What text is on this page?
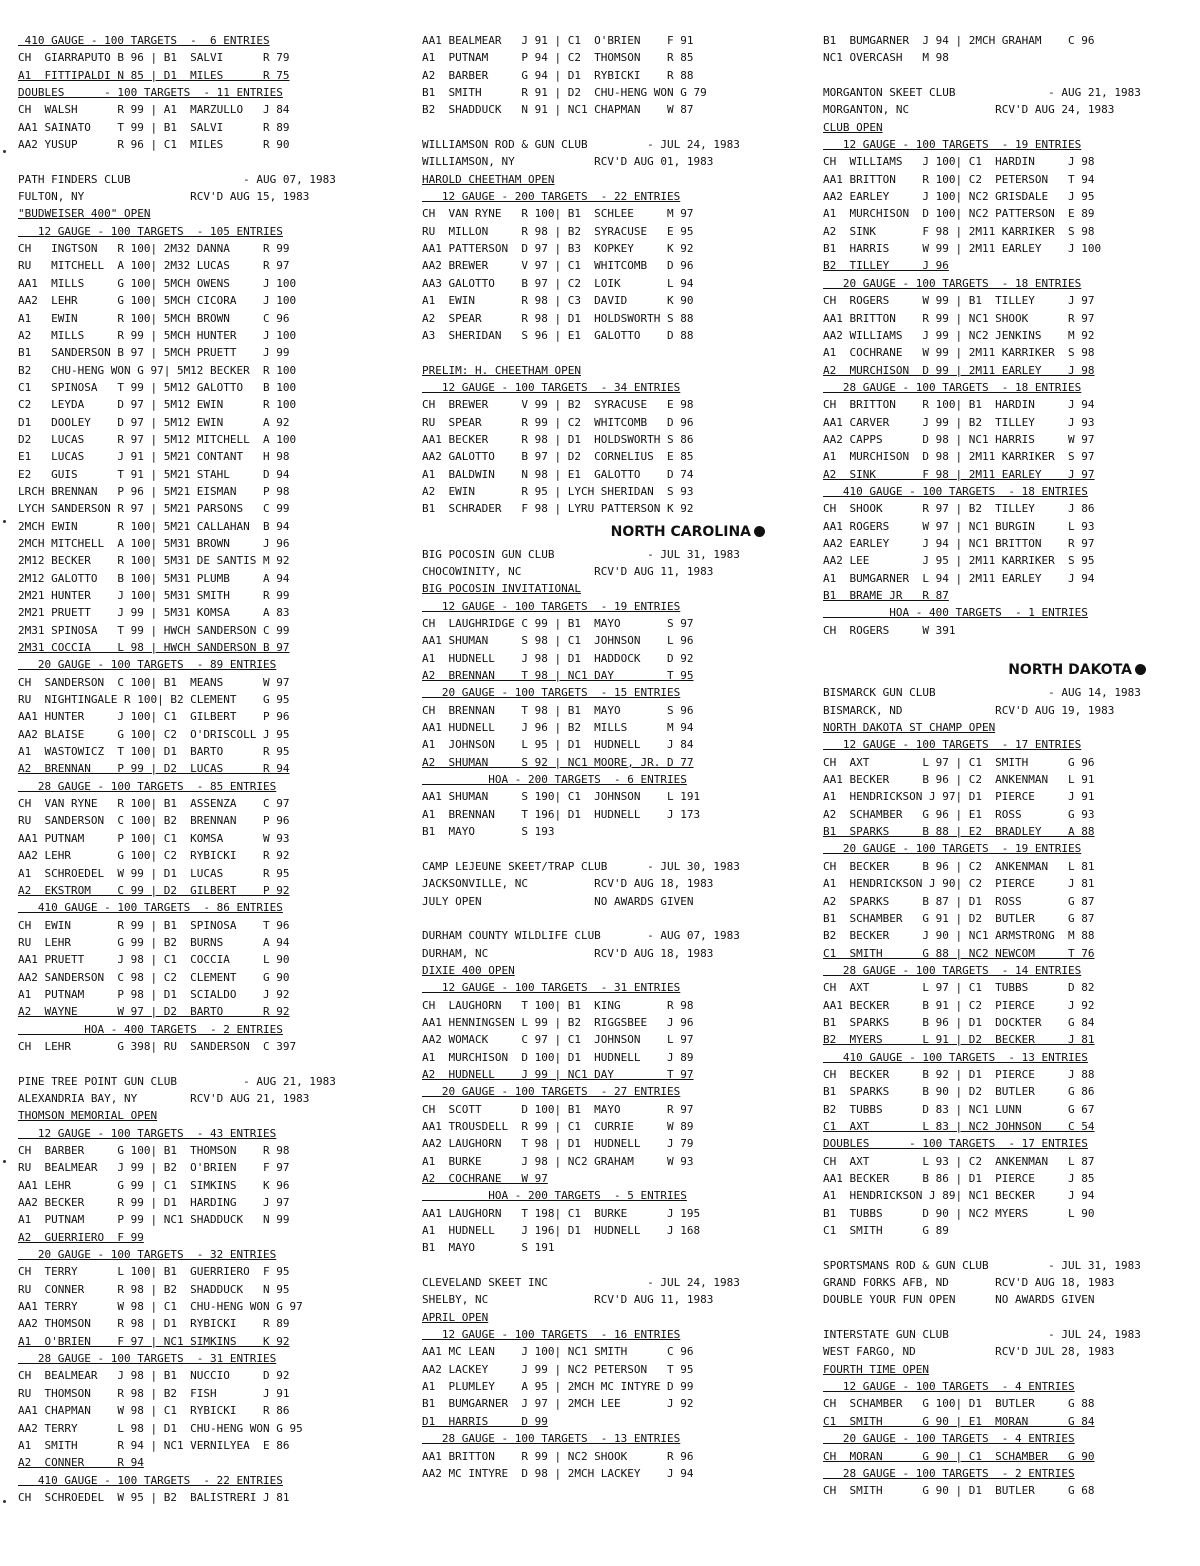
410 GAUGE - 100 TARGETS  -  6 ENTRIES
CH  GIARRAPUTO B 96 | B1  SALVI      R 79
A1  FITTIPALDI N 85 | D1  MILES      R 75
DOUBLES      - 100 TARGETS  - 11 ENTRIES
CH  WALSH      R 99 | A1  MARZULLO   J 84
AA1 SAINATO    T 99 | B1  SALVI      R 89
AA2 YUSUP      R 96 | C1  MILES      R 90
PATH FINDERS CLUB                 - AUG 07, 1983
FULTON, NY                RCV'D AUG 15, 1983
"BUDWEISER 400" OPEN
12 GAUGE - 100 TARGETS  - 105 ENTRIES
CH   INGTSON   R 100| 2M32 DANNA     R 99
RU   MITCHELL  A 100| 2M32 LUCAS     R 97
AA1  MILLS     G 100| 5MCH OWENS     J 100
AA2  LEHR      G 100| 5MCH CICORA    J 100
A1   EWIN      R 100| 5MCH BROWN     C 96
A2   MILLS     R 99 | 5MCH HUNTER    J 100
B1   SANDERSON B 97 | 5MCH PRUETT    J 99
B2   CHU-HENG WON G 97| 5M12 BECKER  R 100
C1   SPINOSA   T 99 | 5M12 GALOTTO   B 100
C2   LEYDA     D 97 | 5M12 EWIN      R 100
D1   DOOLEY    D 97 | 5M12 EWIN      A 92
D2   LUCAS     R 97 | 5M12 MITCHELL  A 100
E1   LUCAS     J 91 | 5M21 CONTANT   H 98
E2   GUIS      T 91 | 5M21 STAHL     D 94
LRCH BRENNAN   P 96 | 5M21 EISMAN    P 98
LYCH SANDERSON R 97 | 5M21 PARSONS   C 99
2MCH EWIN      R 100| 5M21 CALLAHAN  B 94
2MCH MITCHELL  A 100| 5M31 BROWN     J 96
2M12 BECKER    R 100| 5M31 DE SANTIS M 92
2M12 GALOTTO   B 100| 5M31 PLUMB     A 94
2M21 HUNTER    J 100| 5M31 SMITH     R 99
2M21 PRUETT    J 99 | 5M31 KOMSA     A 83
2M31 SPINOSA   T 99 | HWCH SANDERSON C 99
2M31 COCCIA    L 98 | HWCH SANDERSON B 97
20 GAUGE - 100 TARGETS  - 89 ENTRIES
CH  SANDERSON  C 100| B1  MEANS      W 97
RU  NIGHTINGALE R 100| B2 CLEMENT    G 95
AA1 HUNTER     J 100| C1  GILBERT    P 96
AA2 BLAISE     G 100| C2  O'DRISCOLL J 95
A1  WASTOWICZ  T 100| D1  BARTO      R 95
A2  BRENNAN    P 99 | D2  LUCAS      R 94
28 GAUGE - 100 TARGETS  - 85 ENTRIES
CH  VAN RYNE   R 100| B1  ASSENZA    C 97
RU  SANDERSON  C 100| B2  BRENNAN    P 96
AA1 PUTNAM     P 100| C1  KOMSA      W 93
AA2 LEHR       G 100| C2  RYBICKI    R 92
A1  SCHROEDEL  W 99 | D1  LUCAS      R 95
A2  EKSTROM    C 99 | D2  GILBERT    P 92
410 GAUGE - 100 TARGETS  - 86 ENTRIES
CH  EWIN       R 99 | B1  SPINOSA    T 96
RU  LEHR       G 99 | B2  BURNS      A 94
AA1 PRUETT     J 98 | C1  COCCIA     L 90
AA2 SANDERSON  C 98 | C2  CLEMENT    G 90
A1  PUTNAM     P 98 | D1  SCIALDO    J 92
A2  WAYNE      W 97 | D2  BARTO      R 92
HOA - 400 TARGETS  - 2 ENTRIES
CH  LEHR       G 398| RU  SANDERSON  C 397
PINE TREE POINT GUN CLUB          - AUG 21, 1983
ALEXANDRIA BAY, NY        RCV'D AUG 21, 1983
THOMSON MEMORIAL OPEN
12 GAUGE - 100 TARGETS  - 43 ENTRIES
CH  BARBER     G 100| B1  THOMSON    R 98
RU  BEALMEAR   J 99 | B2  O'BRIEN    F 97
AA1 LEHR       G 99 | C1  SIMKINS    K 96
AA2 BECKER     R 99 | D1  HARDING    J 97
A1  PUTNAM     P 99 | NC1 SHADDUCK   N 99
A2  GUERRIERO  F 99
20 GAUGE - 100 TARGETS  - 32 ENTRIES
CH  TERRY      L 100| B1  GUERRIERO  F 95
RU  CONNER     R 98 | B2  SHADDUCK   N 95
AA1 TERRY      W 98 | C1  CHU-HENG WON G 97
AA2 THOMSON    R 98 | D1  RYBICKI    R 89
A1  O'BRIEN    F 97 | NC1 SIMKINS    K 92
28 GAUGE - 100 TARGETS  - 31 ENTRIES
CH  BEALMEAR   J 98 | B1  NUCCIO     D 92
RU  THOMSON    R 98 | B2  FISH       J 91
AA1 CHAPMAN    W 98 | C1  RYBICKI    R 86
AA2 TERRY      L 98 | D1  CHU-HENG WON G 95
A1  SMITH      R 94 | NC1 VERNILYEA  E 86
A2  CONNER     R 94
410 GAUGE - 100 TARGETS  - 22 ENTRIES
CH  SCHROEDEL  W 95 | B2  BALISTRERI J 81
AA1 BEALMEAR   J 91 | C1  O'BRIEN    F 91
A1  PUTNAM     P 94 | C2  THOMSON    R 85
A2  BARBER     G 94 | D1  RYBICKI    R 88
B1  SMITH      R 91 | D2  CHU-HENG WON G 79
B2  SHADDUCK   N 91 | NC1 CHAPMAN    W 87
WILLIAMSON ROD & GUN CLUB         - JUL 24, 1983
WILLIAMSON, NY            RCV'D AUG 01, 1983
HAROLD CHEETHAM OPEN
12 GAUGE - 200 TARGETS  - 22 ENTRIES
CH  VAN RYNE   R 100| B1  SCHLEE     M 97
RU  MILLON     R 98 | B2  SYRACUSE   E 95
AA1 PATTERSON  D 97 | B3  KOPKEY     K 92
AA2 BREWER     V 97 | C1  WHITCOMB   D 96
AA3 GALOTTO    B 97 | C2  LOIK       L 94
A1  EWIN       R 98 | C3  DAVID      K 90
A2  SPEAR      R 98 | D1  HOLDSWORTH S 88
A3  SHERIDAN   S 96 | E1  GALOTTO    D 88
PRELIM: H. CHEETHAM OPEN
12 GAUGE - 100 TARGETS  - 34 ENTRIES
CH  BREWER     V 99 | B2  SYRACUSE   E 98
RU  SPEAR      R 99 | C2  WHITCOMB   D 96
AA1 BECKER     R 98 | D1  HOLDSWORTH S 86
AA2 GALOTTO    B 97 | D2  CORNELIUS  E 85
A1  BALDWIN    N 98 | E1  GALOTTO    D 74
A2  EWIN       R 95 | LYCH SHERIDAN  S 93
B1  SCHRADER   F 98 | LYRU PATTERSON K 92
NORTH CAROLINA
BIG POCOSIN GUN CLUB              - JUL 31, 1983
CHOCOWINITY, NC           RCV'D AUG 11, 1983
BIG POCOSIN INVITATIONAL
12 GAUGE - 100 TARGETS  - 19 ENTRIES
CH  LAUGHRIDGE C 99 | B1  MAYO       S 97
AA1 SHUMAN     S 98 | C1  JOHNSON    L 96
A1  HUDNELL    J 98 | D1  HADDOCK    D 92
A2  BRENNAN    T 98 | NC1 DAY        T 95
20 GAUGE - 100 TARGETS  - 15 ENTRIES
CH  BRENNAN    T 98 | B1  MAYO       S 96
AA1 HUDNELL    J 96 | B2  MILLS      M 94
A1  JOHNSON    L 95 | D1  HUDNELL    J 84
A2  SHUMAN     S 92 | NC1 MOORE, JR. D 77
HOA - 200 TARGETS  - 6 ENTRIES
AA1 SHUMAN     S 190| C1  JOHNSON    L 191
A1  BRENNAN    T 196| D1  HUDNELL    J 173
B1  MAYO       S 193
CAMP LEJEUNE SKEET/TRAP CLUB      - JUL 30, 1983
JACKSONVILLE, NC          RCV'D AUG 18, 1983
JULY OPEN                 NO AWARDS GIVEN
DURHAM COUNTY WILDLIFE CLUB       - AUG 07, 1983
DURHAM, NC                RCV'D AUG 18, 1983
DIXIE 400 OPEN
12 GAUGE - 100 TARGETS  - 31 ENTRIES
CH  LAUGHORN   T 100| B1  KING       R 98
AA1 HENNINGSEN L 99 | B2  RIGGSBEE   J 96
AA2 WOMACK     C 97 | C1  JOHNSON    L 97
A1  MURCHISON  D 100| D1  HUDNELL    J 89
A2  HUDNELL    J 99 | NC1 DAY        T 97
20 GAUGE - 100 TARGETS  - 27 ENTRIES
CH  SCOTT      D 100| B1  MAYO       R 97
AA1 TROUSDELL  R 99 | C1  CURRIE     W 89
AA2 LAUGHORN   T 98 | D1  HUDNELL    J 79
A1  BURKE      J 98 | NC2 GRAHAM     W 93
A2  COCHRANE   W 97
HOA - 200 TARGETS  - 5 ENTRIES
AA1 LAUGHORN   T 198| C1  BURKE      J 195
A1  HUDNELL    J 196| D1  HUDNELL    J 168
B1  MAYO       S 191
CLEVELAND SKEET INC               - JUL 24, 1983
SHELBY, NC                RCV'D AUG 11, 1983
APRIL OPEN
12 GAUGE - 100 TARGETS  - 16 ENTRIES
AA1 MC LEAN    J 100| NC1 SMITH      C 96
AA2 LACKEY     J 99 | NC2 PETERSON   T 95
A1  PLUMLEY    A 95 | 2MCH MC INTYRE D 99
B1  BUMGARNER  J 97 | 2MCH LEE       J 92
D1  HARRIS     D 99
28 GAUGE - 100 TARGETS  - 13 ENTRIES
AA1 BRITTON    R 99 | NC2 SHOOK      R 96
AA2 MC INTYRE  D 98 | 2MCH LACKEY    J 94
B1  BUMGARNER  J 94 | 2MCH GRAHAM    C 96
NC1 OVERCASH   M 98
MORGANTON SKEET CLUB              - AUG 21, 1983
MORGANTON, NC             RCV'D AUG 24, 1983
CLUB OPEN
12 GAUGE - 100 TARGETS  - 19 ENTRIES
CH  WILLIAMS   J 100| C1  HARDIN     J 98
AA1 BRITTON    R 100| C2  PETERSON   T 94
AA2 EARLEY     J 100| NC2 GRISDALE   J 95
A1  MURCHISON  D 100| NC2 PATTERSON  E 89
A2  SINK       F 98 | 2M11 KARRIKER  S 98
B1  HARRIS     W 99 | 2M11 EARLEY    J 100
B2  TILLEY     J 96
20 GAUGE - 100 TARGETS  - 18 ENTRIES
CH  ROGERS     W 99 | B1  TILLEY     J 97
AA1 BRITTON    R 99 | NC1 SHOOK      R 97
AA2 WILLIAMS   J 99 | NC2 JENKINS    M 92
A1  COCHRANE   W 99 | 2M11 KARRIKER  S 98
A2  MURCHISON  D 99 | 2M11 EARLEY    J 98
28 GAUGE - 100 TARGETS  - 18 ENTRIES
CH  BRITTON    R 100| B1  HARDIN     J 94
AA1 CARVER     J 99 | B2  TILLEY     J 93
AA2 CAPPS      D 98 | NC1 HARRIS     W 97
A1  MURCHISON  D 98 | 2M11 KARRIKER  S 97
A2  SINK       F 98 | 2M11 EARLEY    J 97
410 GAUGE - 100 TARGETS  - 18 ENTRIES
CH  SHOOK      R 97 | B2  TILLEY     J 86
AA1 ROGERS     W 97 | NC1 BURGIN     L 93
AA2 EARLEY     J 94 | NC1 BRITTON    R 97
AA2 LEE        J 95 | 2M11 KARRIKER  S 95
A1  BUMGARNER  L 94 | 2M11 EARLEY    J 94
B1  BRAME JR   R 87
HOA - 400 TARGETS  - 1 ENTRIES
CH  ROGERS     W 391
NORTH DAKOTA
BISMARCK GUN CLUB                 - AUG 14, 1983
BISMARCK, ND              RCV'D AUG 19, 1983
NORTH DAKOTA ST CHAMP OPEN
12 GAUGE - 100 TARGETS  - 17 ENTRIES
CH  AXT        L 97 | C1  SMITH      G 96
AA1 BECKER     B 96 | C2  ANKENMAN   L 91
A1  HENDRICKSON J 97| D1  PIERCE     J 91
A2  SCHAMBER   G 96 | E1  ROSS       G 93
B1  SPARKS     B 88 | E2  BRADLEY    A 88
20 GAUGE - 100 TARGETS  - 19 ENTRIES
CH  BECKER     B 96 | C2  ANKENMAN   L 81
A1  HENDRICKSON J 90| C2  PIERCE     J 81
A2  SPARKS     B 87 | D1  ROSS       G 87
B1  SCHAMBER   G 91 | D2  BUTLER     G 87
B2  BECKER     J 90 | NC1 ARMSTRONG  M 88
C1  SMITH      G 88 | NC2 NEWCOM     T 76
28 GAUGE - 100 TARGETS  - 14 ENTRIES
CH  AXT        L 97 | C1  TUBBS      D 82
AA1 BECKER     B 91 | C2  PIERCE     J 92
B1  SPARKS     B 96 | D1  DOCKTER    G 84
B2  MYERS      L 91 | D2  BECKER     J 81
410 GAUGE - 100 TARGETS  - 13 ENTRIES
CH  BECKER     B 92 | D1  PIERCE     J 88
B1  SPARKS     B 90 | D2  BUTLER     G 86
B2  TUBBS      D 83 | NC1 LUNN       G 67
C1  AXT        L 83 | NC2 JOHNSON    C 54
DOUBLES      - 100 TARGETS  - 17 ENTRIES
CH  AXT        L 93 | C2  ANKENMAN   L 87
AA1 BECKER     B 86 | D1  PIERCE     J 85
A1  HENDRICKSON J 89| NC1 BECKER     J 94
B1  TUBBS      D 90 | NC2 MYERS      L 90
C1  SMITH      G 89
SPORTSMANS ROD & GUN CLUB         - JUL 31, 1983
GRAND FORKS AFB, ND       RCV'D AUG 18, 1983
DOUBLE YOUR FUN OPEN      NO AWARDS GIVEN
INTERSTATE GUN CLUB               - JUL 24, 1983
WEST FARGO, ND            RCV'D JUL 28, 1983
FOURTH TIME OPEN
12 GAUGE - 100 TARGETS  - 4 ENTRIES
CH  SCHAMBER   G 100| D1  BUTLER     G 88
C1  SMITH      G 90 | E1  MORAN      G 84
20 GAUGE - 100 TARGETS  - 4 ENTRIES
CH  MORAN      G 90 | C1  SCHAMBER   G 90
28 GAUGE - 100 TARGETS  - 2 ENTRIES
CH  SMITH      G 90 | D1  BUTLER     G 68
